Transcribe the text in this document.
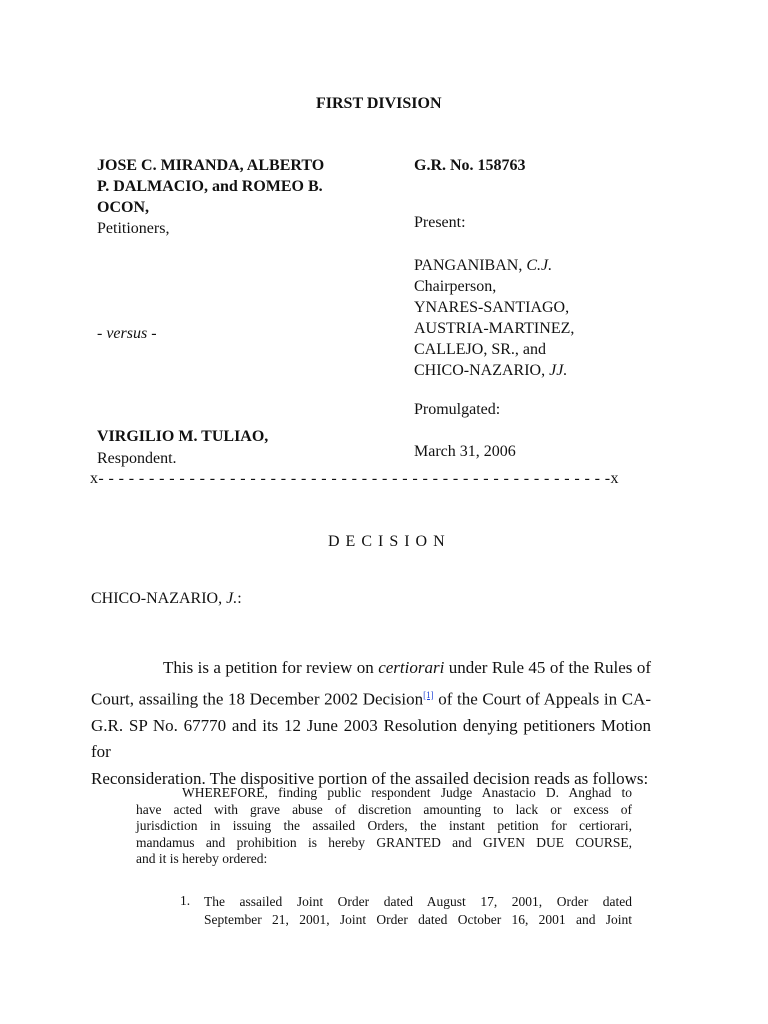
FIRST DIVISION
JOSE C. MIRANDA, ALBERTO
P. DALMACIO, and ROMEO B.
OCON,
Petitioners,
G.R. No. 158763
Present:
PANGANIBAN, C.J.
Chairperson,
YNARES-SANTIAGO,
AUSTRIA-MARTINEZ,
CALLEJO, SR., and
CHICO-NAZARIO, JJ.
- versus -
Promulgated:
VIRGILIO M. TULIAO,
Respondent.	March 31, 2006
x- - - - - - - - - - - - - - - - - - - - - - - - - - - - - - - - - - - - - - - - - - - - - - - - - - -x
D E C I S I O N
CHICO-NAZARIO, J.:
This is a petition for review on certiorari under Rule 45 of the Rules of
Court, assailing the 18 December 2002 Decision[1] of the Court of Appeals in CA-
G.R. SP No. 67770 and its 12 June 2003 Resolution denying petitioners Motion for
Reconsideration. The dispositive portion of the assailed decision reads as follows:
WHEREFORE, finding public respondent Judge Anastacio D. Anghad to
have acted with grave abuse of discretion amounting to lack or excess of
jurisdiction in issuing the assailed Orders, the instant petition for certiorari,
mandamus and prohibition is hereby GRANTED and GIVEN DUE COURSE,
and it is hereby ordered:
1. The assailed Joint Order dated August 17, 2001, Order dated
September 21, 2001, Joint Order dated October 16, 2001 and Joint
